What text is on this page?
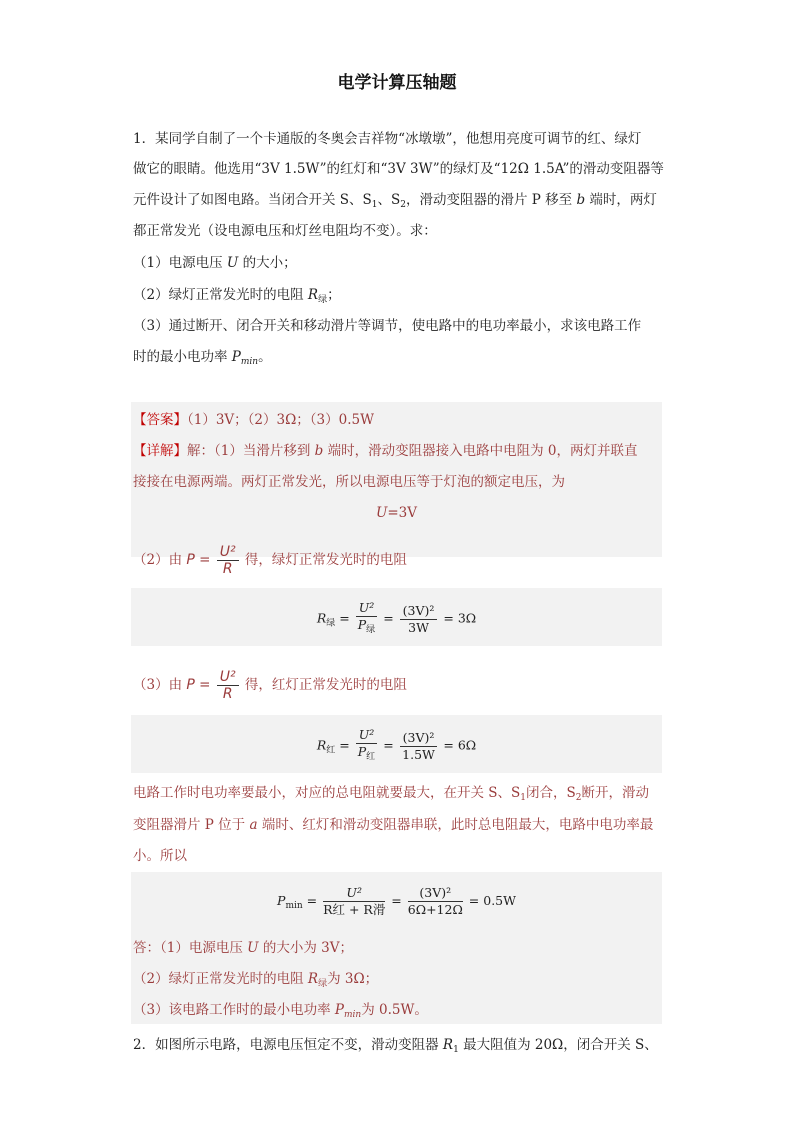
电学计算压轴题
1．某同学自制了一个卡通版的冬奥会吉祥物“冰墩墩”，他想用亮度可调节的红、绿灯
做它的眼睛。他选用“3V 1.5W”的红灯和“3V 3W”的绿灯及“12Ω 1.5A”的滑动变阻器等
元件设计了如图电路。当闭合开关 S、$S_1$、$S_2$，滑动变阻器的滑片 P 移至 b 端时，两灯
都正常发光（设电源电压和灯丝电阻均不变）。求：
（1）电源电压 U 的大小；
（2）绿灯正常发光时的电阻 $R_绿$；
（3）通过断开、闭合开关和移动滑片等调节，使电路中的电功率最小，求该电路工作
时的最小电功率 $P_{min}$。
【答案】（1）3V；（2）3Ω；（3）0.5W
【详解】解：（1）当滑片移到 b 端时，滑动变阻器接入电路中电阻为 0，两灯并联直
接接在电源两端。两灯正常发光，所以电源电压等于灯泡的额定电压，为
U=3V
（2）由 $P = \frac{\text{U²}}{R}$ 得，绿灯正常发光时的电阻
$R_绿 = \frac{\text{U²}}{P_绿} = \frac{\text{(3V)²}}{3W} = 3\Omega$
（3）由 $P = \frac{\text{U²}}{R}$ 得，红灯正常发光时的电阻
$R_红 = \frac{\text{U²}}{P_红} = \frac{\text{(3V)²}}{1.5W} = 6\Omega$
电路工作时电功率要最小，对应的总电阻就要最大，在开关 S、$S_1$闭合，$S_2$断开，滑动
变阻器滑片 P 位于 a 端时、红灯和滑动变阻器串联，此时总电阻最大，电路中电功率最
小。所以
$P_{min} = \frac{\text{U²}}{\text{R红 + R滑}} = \frac{\text{(3V)²}}{6\Omega+12\Omega} = 0.5W$
答：（1）电源电压 U 的大小为 3V；
（2）绿灯正常发光时的电阻 $R_绿$为 3Ω；
（3）该电路工作时的最小电功率 $P_{min}$为 0.5W。
2．如图所示电路，电源电压恒定不变，滑动变阻器 $R_1$ 最大阻值为 20Ω，闭合开关 S、
